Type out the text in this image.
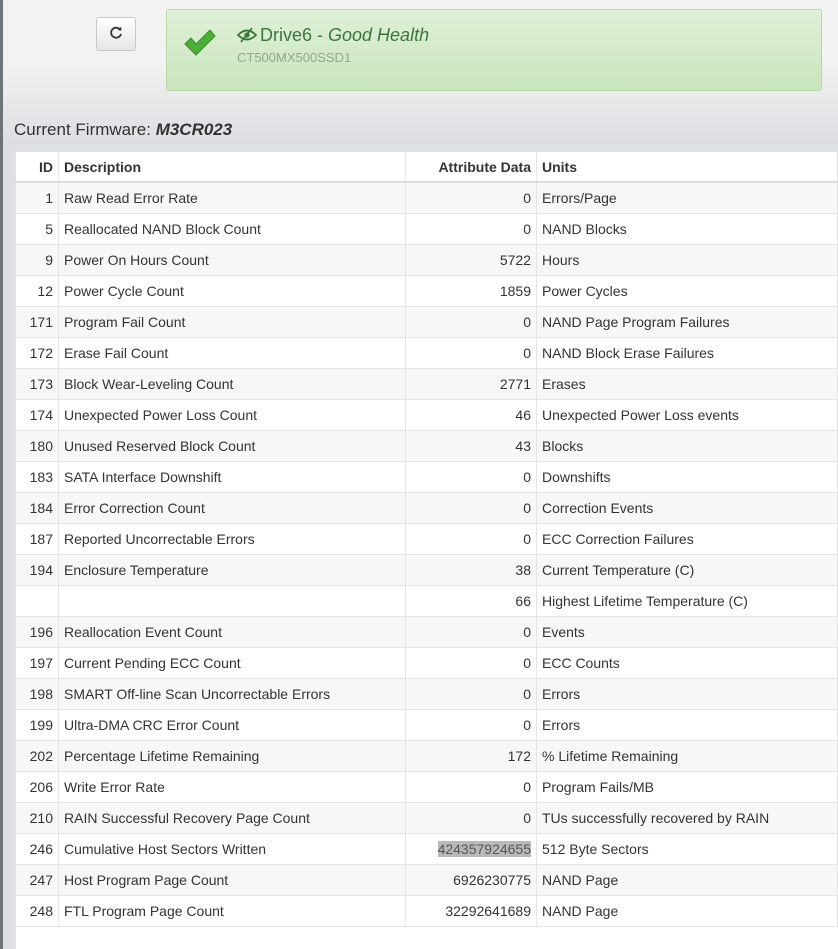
Drive6 - Good Health
CT500MX500SSD1
Current Firmware: M3CR023
ID	Description	Attribute Data	Units
1	Raw Read Error Rate	0	Errors/Page
5	Reallocated NAND Block Count	0	NAND Blocks
9	Power On Hours Count	5722	Hours
12	Power Cycle Count	1859	Power Cycles
171	Program Fail Count	0	NAND Page Program Failures
172	Erase Fail Count	0	NAND Block Erase Failures
173	Block Wear-Leveling Count	2771	Erases
174	Unexpected Power Loss Count	46	Unexpected Power Loss events
180	Unused Reserved Block Count	43	Blocks
183	SATA Interface Downshift	0	Downshifts
184	Error Correction Count	0	Correction Events
187	Reported Uncorrectable Errors	0	ECC Correction Failures
194	Enclosure Temperature	38	Current Temperature (C)
		66	Highest Lifetime Temperature (C)
196	Reallocation Event Count	0	Events
197	Current Pending ECC Count	0	ECC Counts
198	SMART Off-line Scan Uncorrectable Errors	0	Errors
199	Ultra-DMA CRC Error Count	0	Errors
202	Percentage Lifetime Remaining	172	% Lifetime Remaining
206	Write Error Rate	0	Program Fails/MB
210	RAIN Successful Recovery Page Count	0	TUs successfully recovered by RAIN
246	Cumulative Host Sectors Written	424357924655	512 Byte Sectors
247	Host Program Page Count	6926230775	NAND Page
248	FTL Program Page Count	32292641689	NAND Page
